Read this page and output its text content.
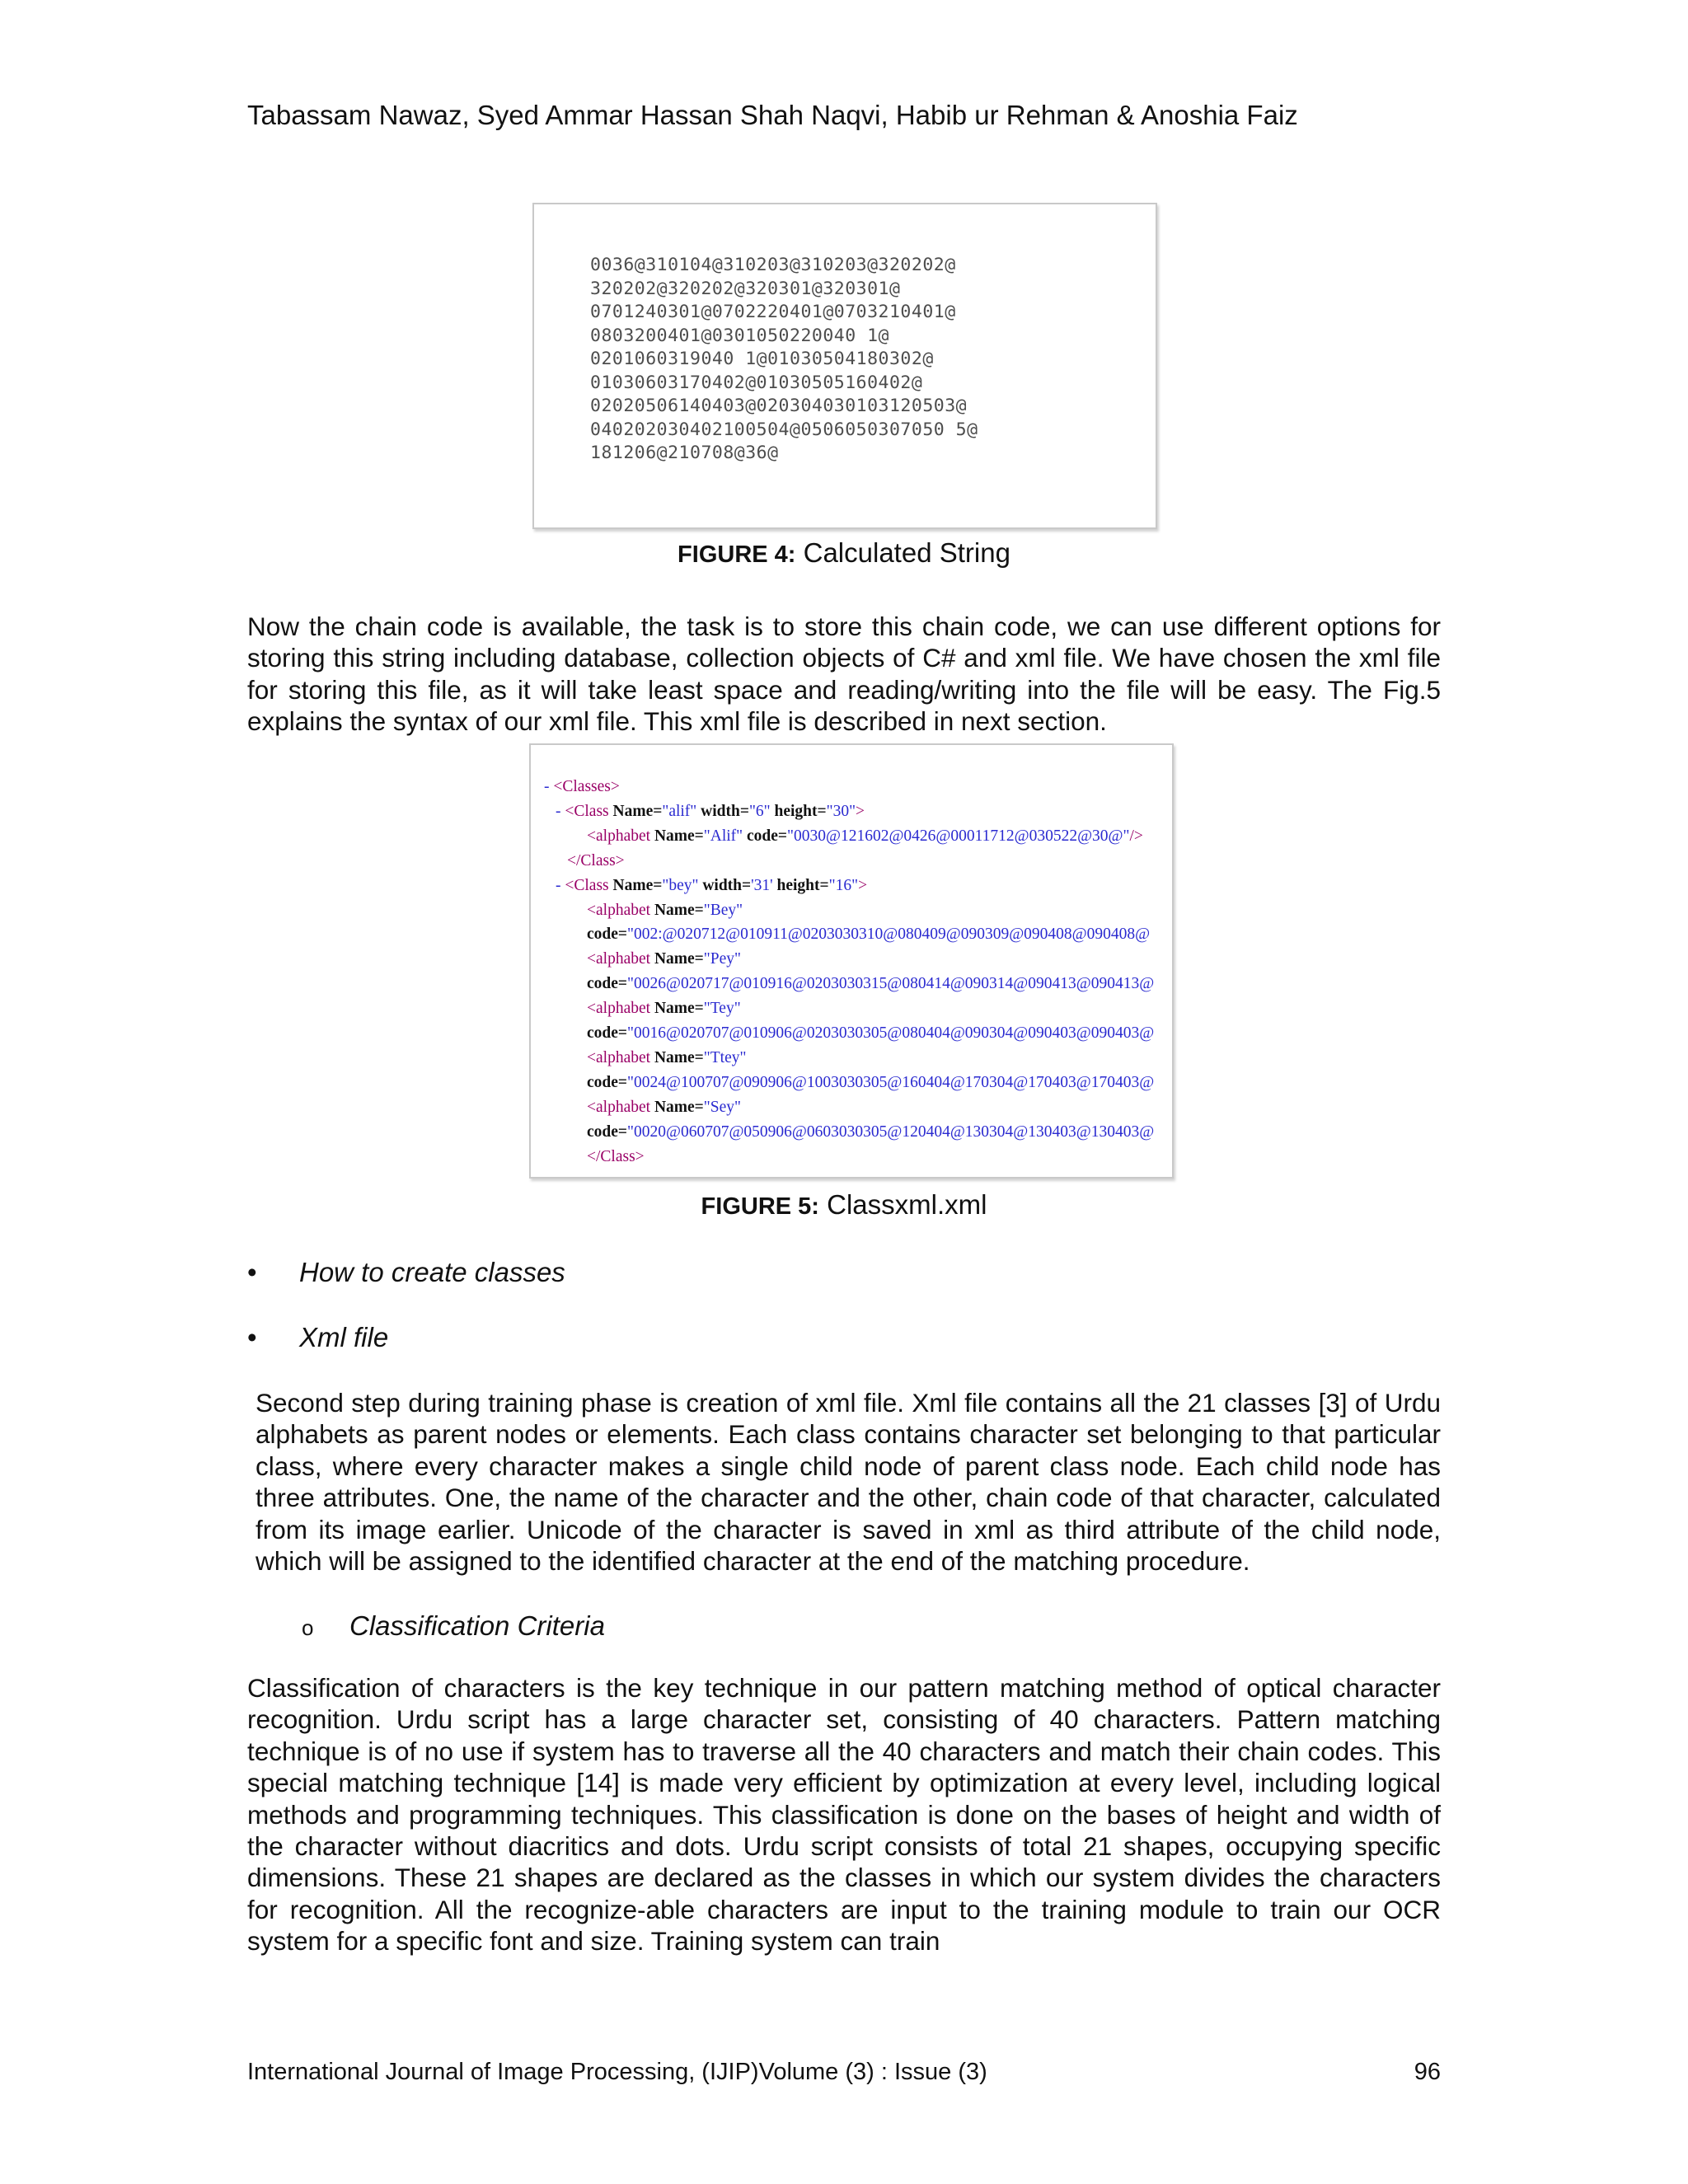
Tabassam Nawaz, Syed Ammar Hassan Shah Naqvi, Habib ur Rehman & Anoshia Faiz
0036@310104@310203@310203@320202@
320202@320202@320301@320301@
0701240301@0702220401@0703210401@
0803200401@0301050220040 1@
0201060319040 1@01030504180302@
01030603170402@01030505160402@
02020506140403@020304030103120503@
040202030402100504@0506050307050 5@
181206@210708@36@
FIGURE 4: Calculated String
Now the chain code is available, the task is to store this chain code, we can use different options for storing this string including database, collection objects of C# and xml file. We have chosen the xml file for storing this file, as it will take least space and reading/writing into the file will be easy. The Fig.5 explains the syntax of our xml file. This xml file is described in next section.
- <Classes>
- <Class Name="alif" width="6" height="30">
<alphabet Name="Alif" code="0030@121602@0426@00011712@030522@30@"/>
</Class>
- <Class Name="bey" width='31' height="16">
<alphabet Name="Bey"
code="002:@020712@010911@0203030310@080409@090309@090408@090408@
<alphabet Name="Pey"
code="0026@020717@010916@0203030315@080414@090314@090413@090413@
<alphabet Name="Tey"
code="0016@020707@010906@0203030305@080404@090304@090403@090403@
<alphabet Name="Ttey"
code="0024@100707@090906@1003030305@160404@170304@170403@170403@
<alphabet Name="Sey"
code="0020@060707@050906@0603030305@120404@130304@130403@130403@
</Class>
FIGURE 5: Classxml.xml
• How to create classes
• Xml file
Second step during training phase is creation of xml file. Xml file contains all the 21 classes [3] of Urdu alphabets as parent nodes or elements. Each class contains character set belonging to that particular class, where every character makes a single child node of parent class node. Each child node has three attributes. One, the name of the character and the other, chain code of that character, calculated from its image earlier. Unicode of the character is saved in xml as third attribute of the child node, which will be assigned to the identified character at the end of the matching procedure.
o Classification Criteria
Classification of characters is the key technique in our pattern matching method of optical character recognition. Urdu script has a large character set, consisting of 40 characters. Pattern matching technique is of no use if system has to traverse all the 40 characters and match their chain codes. This special matching technique [14] is made very efficient by optimization at every level, including logical methods and programming techniques. This classification is done on the bases of height and width of the character without diacritics and dots. Urdu script consists of total 21 shapes, occupying specific dimensions. These 21 shapes are declared as the classes in which our system divides the characters for recognition. All the recognize-able characters are input to the training module to train our OCR system for a specific font and size. Training system can train
International Journal of Image Processing, (IJIP)Volume (3) : Issue (3)	96
